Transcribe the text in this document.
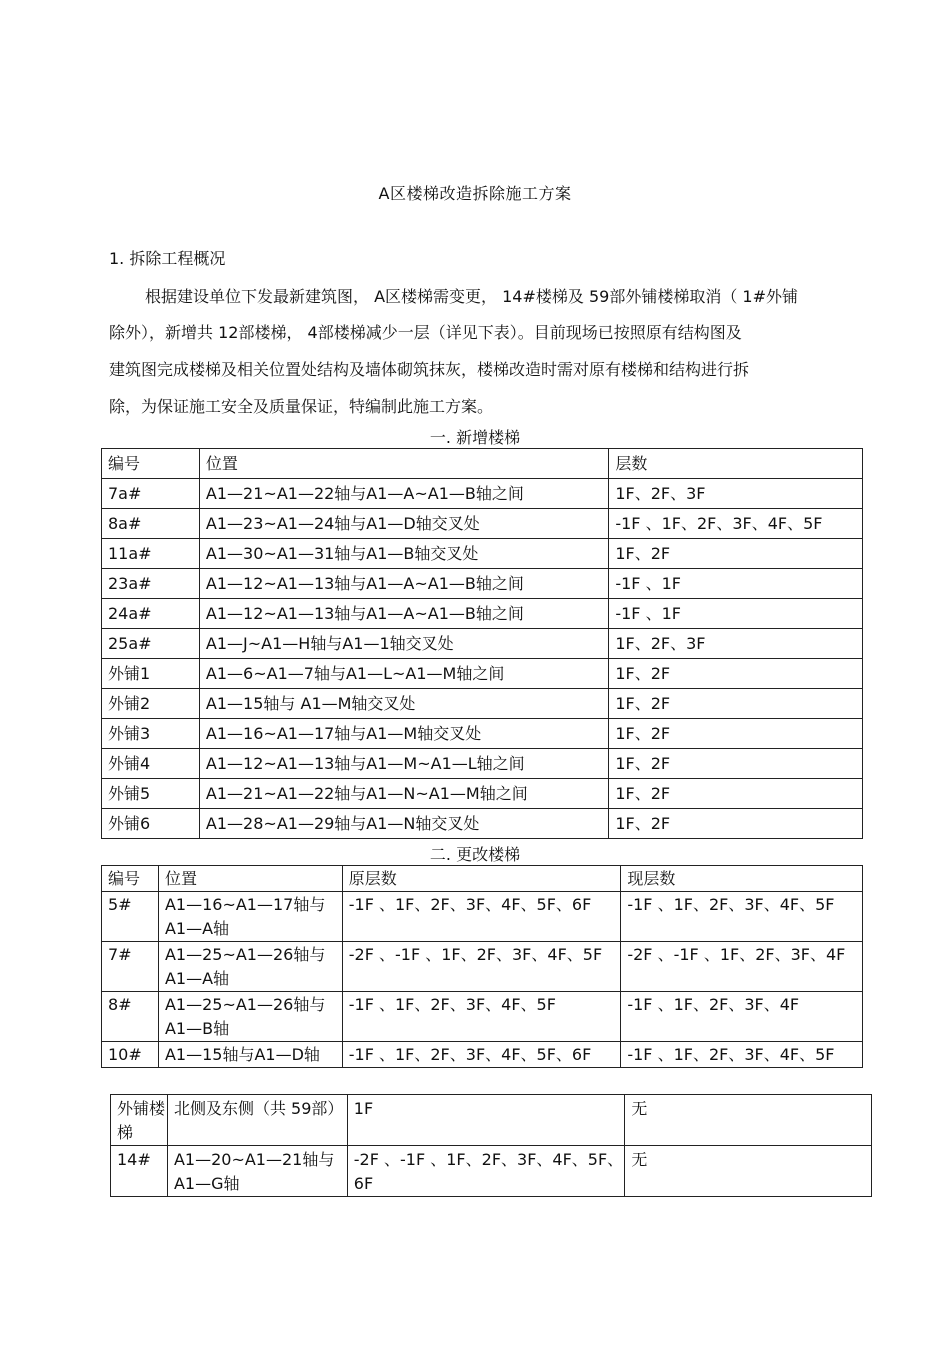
A区楼梯改造拆除施工方案
1. 拆除工程概况
根据建设单位下发最新建筑图， A区楼梯需变更， 14#楼梯及 59部外铺楼梯取消（ 1#外铺
除外），新增共 12部楼梯， 4部楼梯减少一层（详见下表）。目前现场已按照原有结构图及
建筑图完成楼梯及相关位置处结构及墙体砌筑抹灰，楼梯改造时需对原有楼梯和结构进行拆
除，为保证施工安全及质量保证，特编制此施工方案。
一. 新增楼梯
编号	位置	层数
7a#	A1—21~A1—22轴与A1—A~A1—B轴之间	1F、2F、3F
8a#	A1—23~A1—24轴与A1—D轴交叉处	-1F 、1F、2F、3F、4F、5F
11a#	A1—30~A1—31轴与A1—B轴交叉处	1F、2F
23a#	A1—12~A1—13轴与A1—A~A1—B轴之间	-1F 、1F
24a#	A1—12~A1—13轴与A1—A~A1—B轴之间	-1F 、1F
25a#	A1—J~A1—H轴与A1—1轴交叉处	1F、2F、3F
外铺1	A1—6~A1—7轴与A1—L~A1—M轴之间	1F、2F
外铺2	A1—15轴与 A1—M轴交叉处	1F、2F
外铺3	A1—16~A1—17轴与A1—M轴交叉处	1F、2F
外铺4	A1—12~A1—13轴与A1—M~A1—L轴之间	1F、2F
外铺5	A1—21~A1—22轴与A1—N~A1—M轴之间	1F、2F
外铺6	A1—28~A1—29轴与A1—N轴交叉处	1F、2F
二. 更改楼梯
编号	位置	原层数	现层数
5#	A1—16~A1—17轴与A1—A轴	-1F 、1F、2F、3F、4F、5F、6F	-1F 、1F、2F、3F、4F、5F
7#	A1—25~A1—26轴与A1—A轴	-2F 、-1F 、1F、2F、3F、4F、5F	-2F 、-1F 、1F、2F、3F、4F
8#	A1—25~A1—26轴与A1—B轴	-1F 、1F、2F、3F、4F、5F	-1F 、1F、2F、3F、4F
10#	A1—15轴与A1—D轴	-1F 、1F、2F、3F、4F、5F、6F	-1F 、1F、2F、3F、4F、5F
外铺楼梯	北侧及东侧（共 59部）	1F	无
14#	A1—20~A1—21轴与A1—G轴	-2F 、-1F 、1F、2F、3F、4F、5F、6F	无
